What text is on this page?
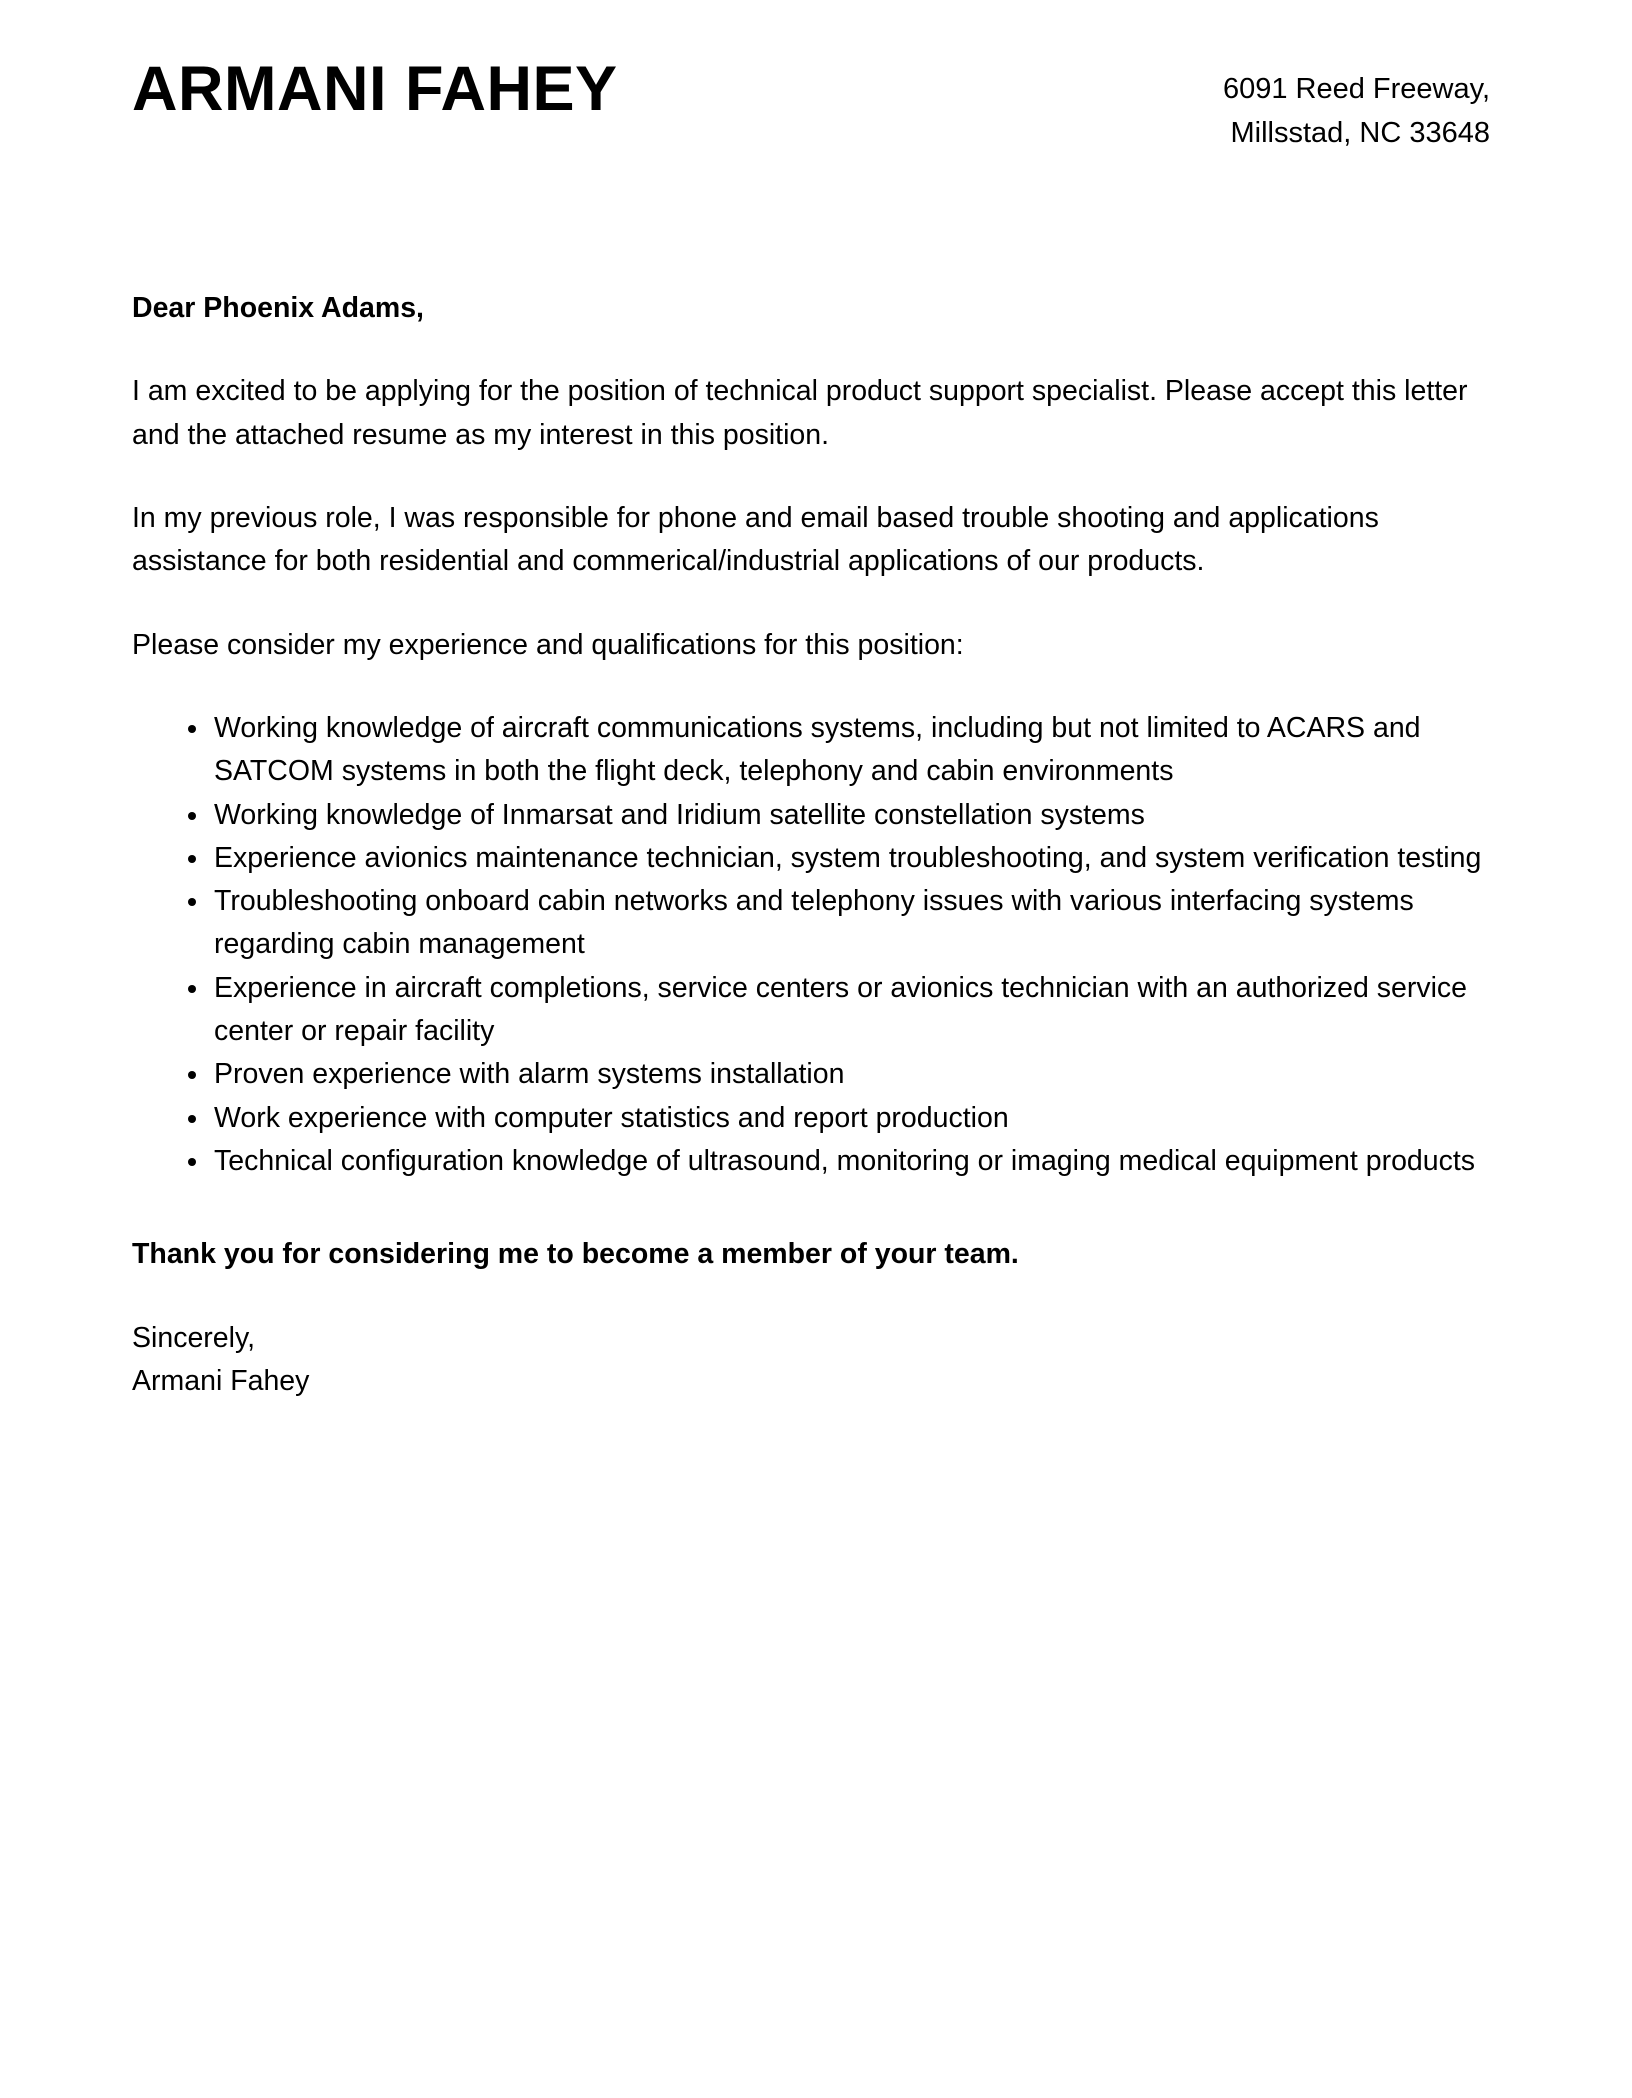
ARMANI FAHEY	6091 Reed Freeway,
Millsstad, NC 33648

Dear Phoenix Adams,

I am excited to be applying for the position of technical product support specialist. Please accept this letter and the attached resume as my interest in this position.

In my previous role, I was responsible for phone and email based trouble shooting and applications assistance for both residential and commerical/industrial applications of our products.

Please consider my experience and qualifications for this position:

Working knowledge of aircraft communications systems, including but not limited to ACARS and SATCOM systems in both the flight deck, telephony and cabin environments
Working knowledge of Inmarsat and Iridium satellite constellation systems
Experience avionics maintenance technician, system troubleshooting, and system verification testing
Troubleshooting onboard cabin networks and telephony issues with various interfacing systems regarding cabin management
Experience in aircraft completions, service centers or avionics technician with an authorized service center or repair facility
Proven experience with alarm systems installation
Work experience with computer statistics and report production
Technical configuration knowledge of ultrasound, monitoring or imaging medical equipment products

Thank you for considering me to become a member of your team.

Sincerely,
Armani Fahey
